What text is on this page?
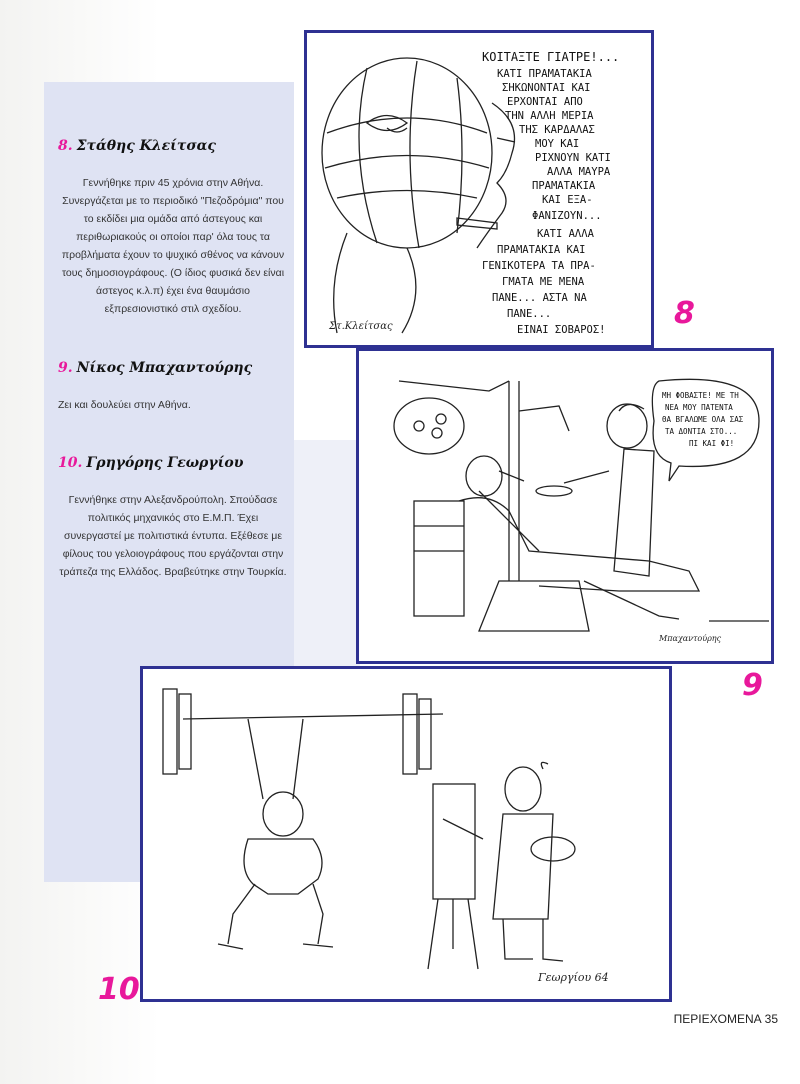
8. Στάθης Κλείτσας

Γεννήθηκε πριν 45 χρόνια στην Αθήνα. Συνεργάζεται με το περιοδικό "Πεζοδρόμια" που το εκδίδει μια ομάδα από άστεγους και περιθωριακούς οι οποίοι παρ' όλα τους τα προβλήματα έχουν το ψυχικό σθένος να κάνουν τους δημοσιογράφους. (Ο ίδιος φυσικά δεν είναι άστεγος κ.λ.π) έχει ένα θαυμάσιο εξπρεσιονιστικό στιλ σχεδίου.

9. Νίκος Μπαχαντούρης

Ζει και δουλεύει στην Αθήνα.

10. Γρηγόρης Γεωργίου

Γεννήθηκε στην Αλεξανδρούπολη. Σπούδασε πολιτικός μηχανικός στο Ε.Μ.Π. Έχει συνεργαστεί με πολιτιστικά έντυπα. Εξέθεσε με φίλους του γελοιογράφους που εργάζονται στην τράπεζα της Ελλάδος. Βραβεύτηκε στην Τουρκία.

ΚΟΙΤΑΞΤΕ ΓΙΑΤΡΕ!...
ΚΑΤΙ ΠΡΑΜΑΤΑΚΙΑ
ΣΗΚΩΝΟΝΤΑΙ ΚΑΙ
ΕΡΧΟΝΤΑΙ ΑΠΟ
ΤΗΝ ΑΛΛΗ ΜΕΡΙΑ
ΤΗΣ ΚΑΡΔΑΛΑΣ
ΜΟΥ ΚΑΙ
ΡΙΧΝΟΥΝ ΚΑΤΙ
ΑΛΛΑ ΜΑΥΡΑ
ΠΡΑΜΑΤΑΚΙΑ
ΚΑΙ ΕΞΑ-
ΦΑΝΙΖΟΥΝ...
ΚΑΤΙ ΑΛΛΑ
ΠΡΑΜΑΤΑΚΙΑ ΚΑΙ
ΓΕΝΙΚΟΤΕΡΑ ΤΑ ΠΡΑ-
ΓΜΑΤΑ ΜΕ ΜΕΝΑ
ΠΑΝΕ... ΑΣΤΑ ΝΑ
ΠΑΝΕ...
ΕΙΝΑΙ ΣΟΒΑΡΟΣ!
Στ.Κλείτσας	8
ΜΗ ΦΟΒΑΣΤΕ! ΜΕ ΤΗ
ΝΕΑ ΜΟΥ ΠΑΤΕΝΤΑ
ΘΑ ΒΓΑΛΩΜΕ ΟΛΑ ΣΑΣ
ΤΑ ΔΟΝΤΙΑ ΣΤΟ...
ΠΙ ΚΑΙ ΦΙ!
Μπαχαντούρης
9
Γεωργίου 64
10
ΠΕΡΙΕΧΟΜΕΝΑ 35
